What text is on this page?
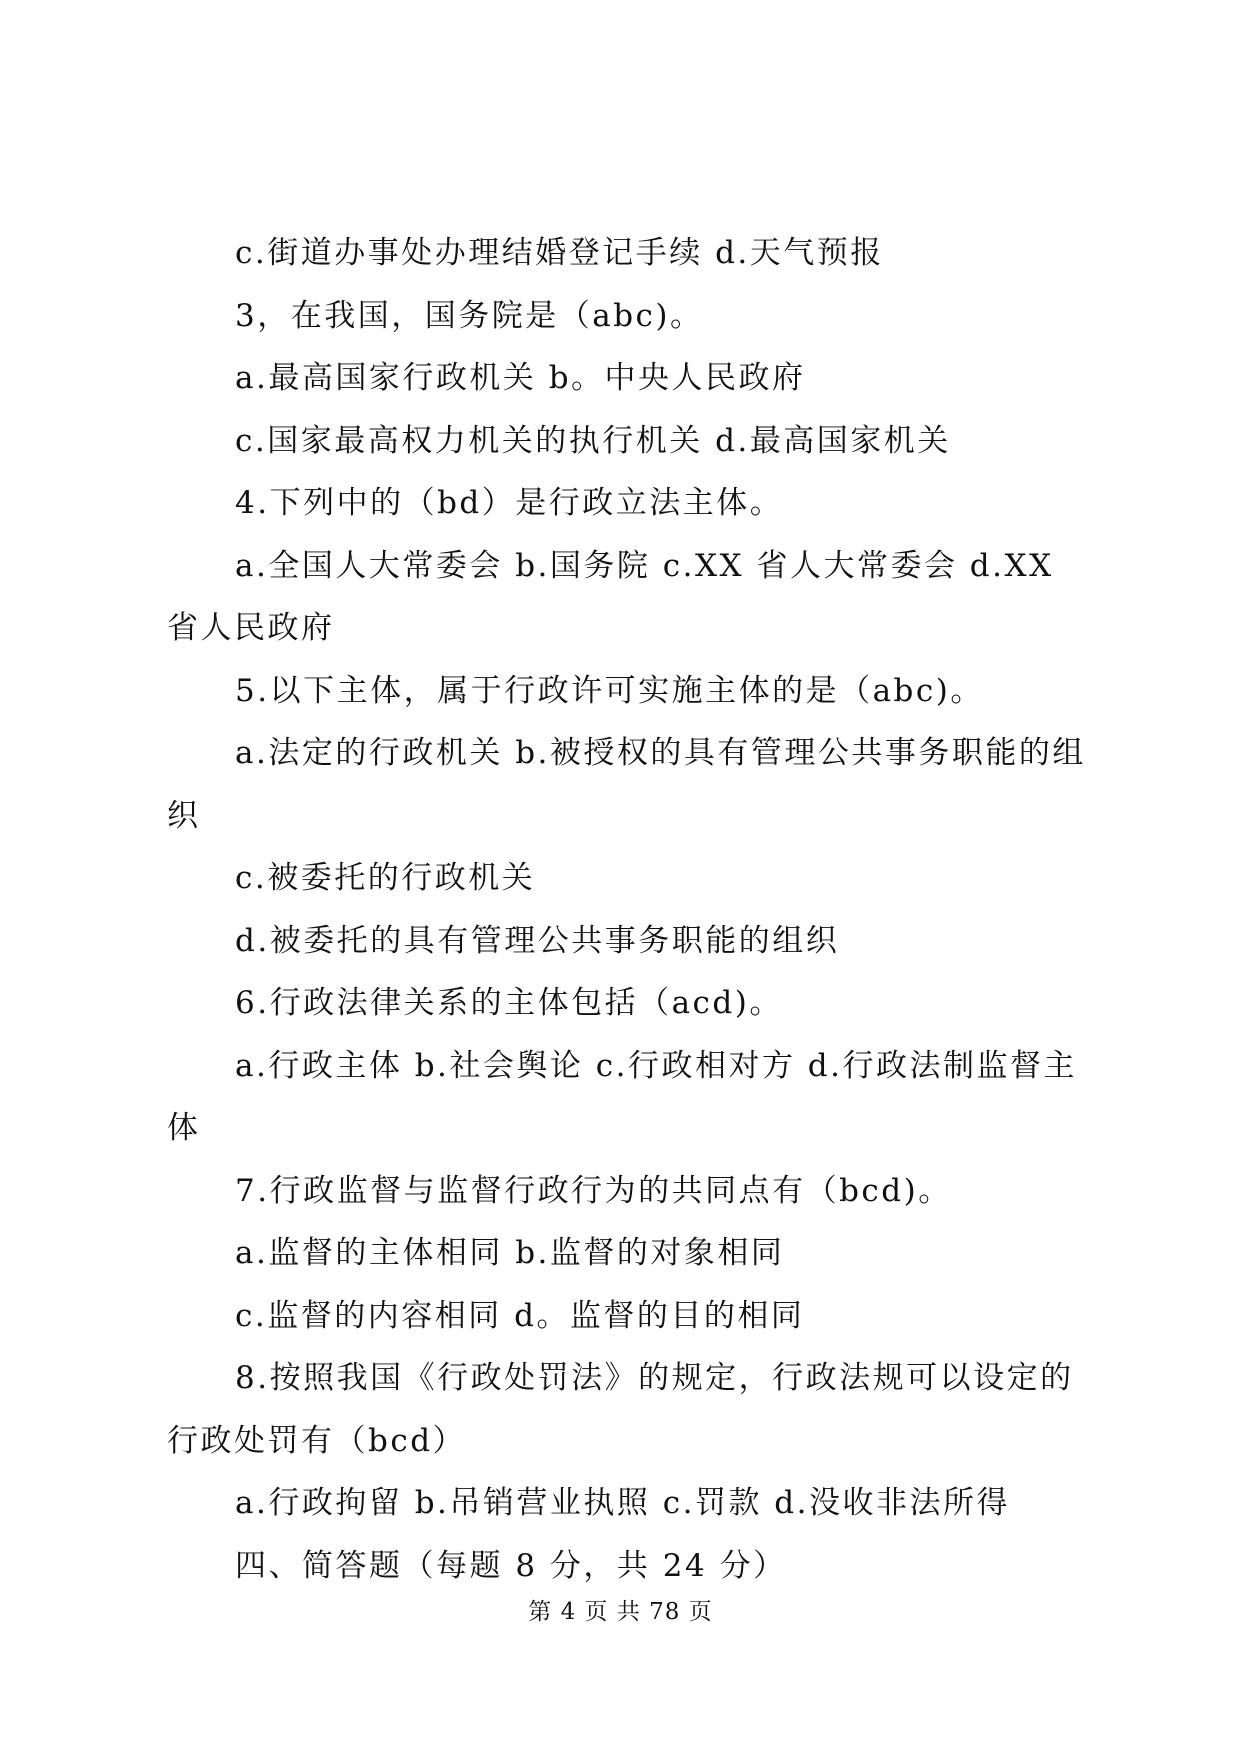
c.街道办事处办理结婚登记手续 d.天气预报

3，在我国，国务院是（abc)。

a.最高国家行政机关 b。中央人民政府

c.国家最高权力机关的执行机关 d.最高国家机关

4.下列中的（bd）是行政立法主体。

a.全国人大常委会 b.国务院 c.XX 省人大常委会 d.XX 省人民政府

5.以下主体，属于行政许可实施主体的是（abc)。

a.法定的行政机关 b.被授权的具有管理公共事务职能的组织

c.被委托的行政机关

d.被委托的具有管理公共事务职能的组织

6.行政法律关系的主体包括（acd)。

a.行政主体 b.社会舆论 c.行政相对方 d.行政法制监督主体

7.行政监督与监督行政行为的共同点有（bcd)。

a.监督的主体相同 b.监督的对象相同

c.监督的内容相同 d。监督的目的相同

8.按照我国《行政处罚法》的规定，行政法规可以设定的行政处罚有（bcd）

a.行政拘留 b.吊销营业执照 c.罚款 d.没收非法所得

四、简答题（每题 8 分，共 24 分）

第 4 页 共 78 页
